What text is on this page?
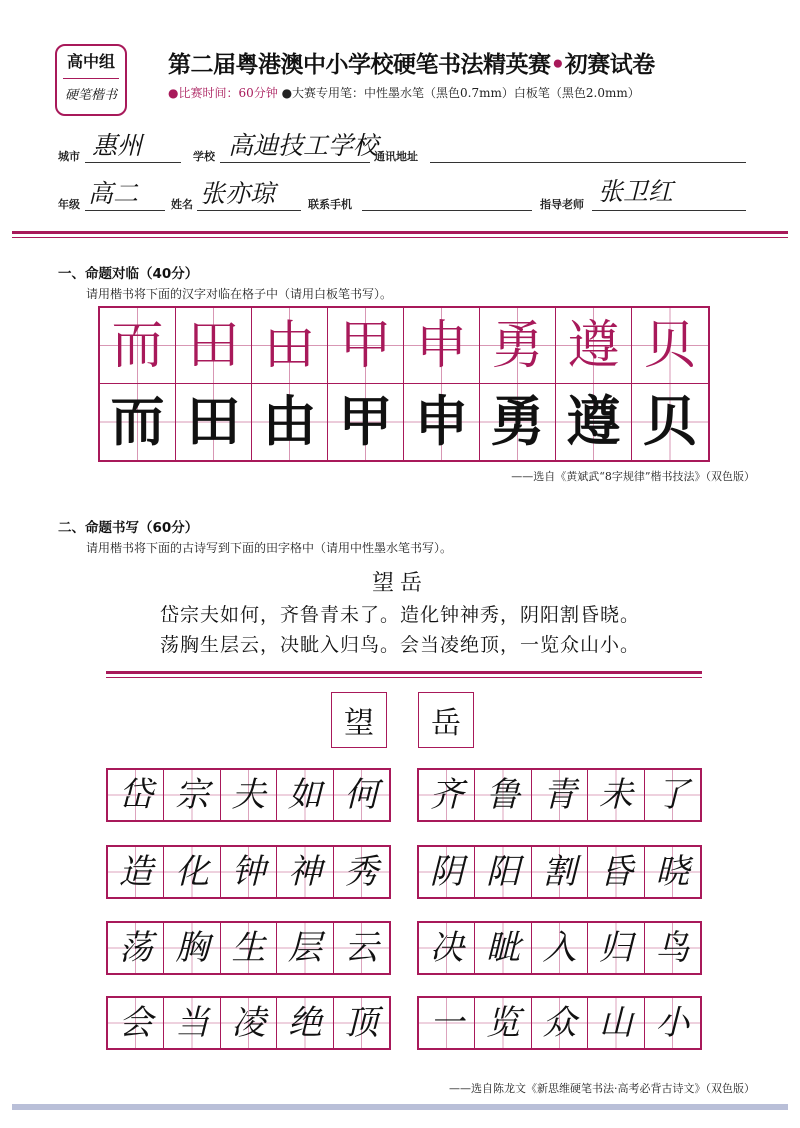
高中组
硬笔楷书
第二届粤港澳中小学校硬笔书法精英赛•初赛试卷
●比赛时间：60分钟 ●大赛专用笔：中性墨水笔（黑色0.7mm）白板笔（黑色2.0mm）
城市 惠州	学校 高迪技工学校
通讯地址
年级 高二	姓名 张亦琼	联系手机	指导老师 张卫红
一、命题对临（40分）
请用楷书将下面的汉字对临在格子中（请用白板笔书写）。
而 田 由 甲 申 勇 遵 贝
而 田 由 甲 申 勇 遵 贝
——选自《黄斌武“8字规律”楷书技法》（双色版）
二、命题书写（60分）
请用楷书将下面的古诗写到下面的田字格中（请用中性墨水笔书写）。
望岳
岱宗夫如何，齐鲁青未了。造化钟神秀，阴阳割昏晓。
荡胸生层云，决眦入归鸟。会当凌绝顶，一览众山小。
望 岳
岱 宗 夫 如 何 齐 鲁 青 未 了
造 化 钟 神 秀 阴 阳 割 昏 晓
荡 胸 生 层 云 决 眦 入 归 鸟
会 当 凌 绝 顶 一 览 众 山 小
——选自陈龙文《新思维硬笔书法·高考必背古诗文》（双色版）
